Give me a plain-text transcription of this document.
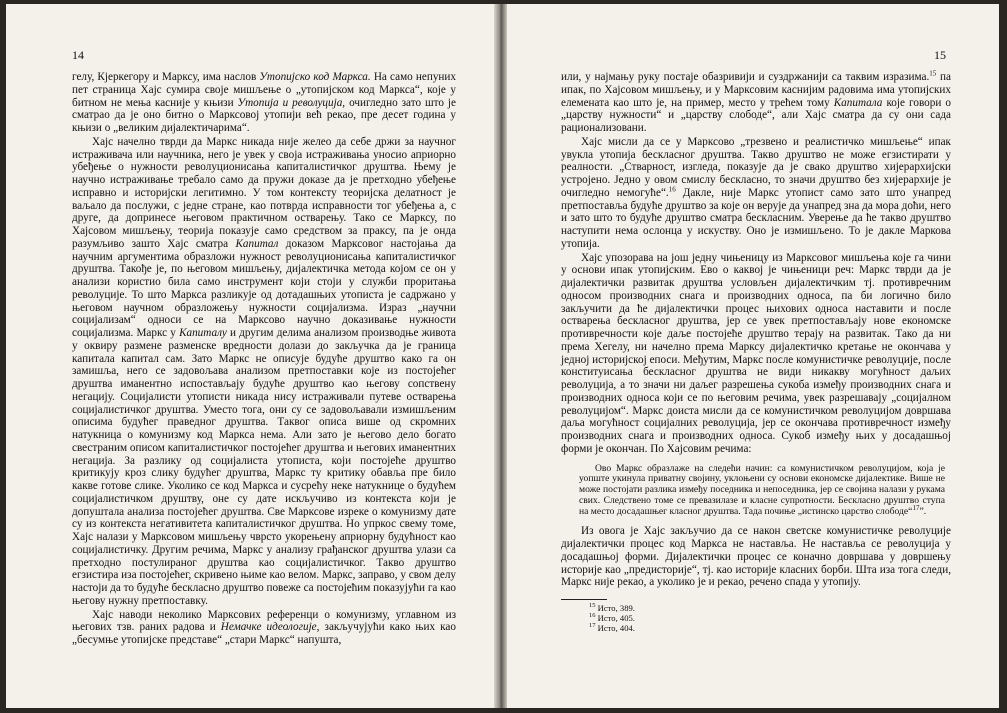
14

гелу, Кјеркегору и Марксу, има наслов Утопијско код Маркса. На само непуних пет страница Хајс сумира своје мишљење о „утопијском код Маркса“, које у битном не мења касније у књизи Утопија и револуција, очигледно зато што је сматрао да је оно битно о Марксовој утопији већ рекао, пре десет година у књизи о „великим дијалектичарима“.

Хајс начелно тврди да Маркс никада није желео да себе држи за научног истраживача или научника, него је увек у своја истраживања уносио априорно убеђење о нужности револуционисања капиталистичког друштва. Њему је научно истраживање требало само да пружи доказе да је претходно убеђење исправно и историјски легитимно. У том контексту теоријска делатност је ваљало да послужи, с једне стране, као потврда исправности тог убеђења а, с друге, да допринесе његовом практичном остварењу. Тако се Марксу, по Хајсовом мишљењу, теорија показује само средством за праксу, па је онда разумљиво зашто Хајс сматра Капитал доказом Марксовог настојања да научним аргументима образложи нужност револуционисања капиталистичког друштва. Такође је, по његовом мишљењу, дијалектичка метода којом се он у анализи користио била само инструмент који стоји у служби проритања револуције. То што Маркса разликује од дотадашњих утописта је садржано у његовом научном образложењу нужности социјализма. Израз „научни социјализам“ односи се на Марксово научно доказивање нужности социјализма. Маркс у Капиталу и другим делима анализом производње живота у оквиру размене разменске вредности долази до закључка да је граница капитала капитал сам. Зато Маркс не описује будуће друштво како га он замишља, него се задовољава анализом претпоставки које из постојећег друштва иманентно испостављају будуће друштво као његову сопствену негацију. Социјалисти утописти никада нису истраживали путеве остварења социјалистичког друштва. Уместо тога, они су се задовољавали измишљеним описима будућег праведног друштва. Таквог описа више од скромних натукница о комунизму код Маркса нема. Али зато је његово дело богато свестраним описом капиталистичког постојећег друштва и његових иманентних негација. За разлику од социјалиста утописта, који постојеће друштво критикују кроз слику будућег друштва, Маркс ту критику обавља пре било какве готове слике. Уколико се код Маркса и сусрећу неке натукнице о будућем социјалистичком друштву, оне су дате искључиво из контекста који је допуштала анализа постојећег друштва. Све Марксове изреке о комунизму дате су из контекста негативитета капиталистичког друштва. Но упркос свему томе, Хајс налази у Марксовом мишљењу чврсто укорењену априорну будућност као социјалистичку. Другим речима, Маркс у анализу грађанског друштва улази са претходно постулираног друштва као социјалистичког. Такво друштво егзистира иза постојећег, скривено њиме као велом. Маркс, заправо, у свом делу настоји да то будуће бескласно друштво повеже са постојећим показујући га као његову нужну претпоставку.

Хајс наводи неколико Марксових референци о комунизму, углавном из његових тзв. раних радова и Немачке идеологије, закључујући како њих као „бесумње утопијске представе“ „стари Маркс“ напушта,

15

или, у најмању руку постаје обазривији и суздржанији са таквим изразима.$^{15}$ па ипак, по Хајсовом мишљењу, и у Марксовим каснијим радовима има утопијских елемената као што је, на пример, место у трећем тому Капитала које говори о „царству нужности“ и „царству слободе“, али Хајс сматра да су они сада рационализовани.

Хајс мисли да се у Марксово „трезвено и реалистичко мишљење“ ипак увукла утопија бескласног друштва. Такво друштво не може егзистирати у реалности. „Стварност, изгледа, показује да је свако друштво хијерархијски устројено. Једно у овом смислу бескласно, то значи друштво без хијерархије је очигледно немогуће“.$^{16}$ Дакле, није Маркс утопист само зато што унапред претпоставља будуће друштво за које он верује да унапред зна да мора доћи, него и зато што то будуће друштво сматра бескласним. Уверење да ће такво друштво наступити нема ослонца у искуству. Оно је измишљено. То је дакле Маркова утопија.

Хајс упозорава на још једну чињеницу из Марксовог мишљења које га чини у основи ипак утопијским. Ево о каквој је чињеници реч: Маркс тврди да је дијалектички развитак друштва условљен дијалектичким тј. противречним односом производних снага и производних односа, па би логично било закључити да ће дијалектички процес њихових односа наставити и после остварења бескласног друштва, јер се увек претпостављају нове економске противречности које даље постојеће друштво терају на развитак. Тако да ни према Хегелу, ни начелно према Марксу дијалектичко кретање не окончава у једној историјској епоси. Међутим, Маркс после комунистичке револуције, после конституисања бескласног друштва не види никакву могућност даљих револуција, а то значи ни даљег разрешења сукоба између производних снага и производних односа који се по његовим речима, увек разрешавају „социјалном револуцијом“. Маркс доиста мисли да се комунистичком револуцијом довршава даља могућност социјалних револуција, јер се окончава противречност између производних снага и производних односа. Сукоб између њих у досадашњој форми је окончан. По Хајсовим речима:

Ово Маркс образлаже на следећи начин: са комунистичком револуцијом, која је уопште укинула приватну својину, уклоњени су основи економске дијалектике. Више не може постојати разлика између поседника и непоседника, јер се својина налази у рукама свих. Следствено томе се превазилазе и класне супротности. Бескласно друштво ступа на место досадашњег класног друштва. Тада почиње „истинско царство слободе“$^{17}$”.

Из овога је Хајс закључио да се након светске комунистичке револуције дијалектички процес код Маркса не наставља. Не наставља се револуција у досадашњој форми. Дијалектички процес се коначно довршава у довршењу историје као „предисторије“, тј. као историје класних борби. Шта иза тога следи, Маркс није рекао, а уколико је и рекао, речено спада у утопију.

$^{15}$ Исто, 389.
$^{16}$ Исто, 405.
$^{17}$ Исто, 404.
